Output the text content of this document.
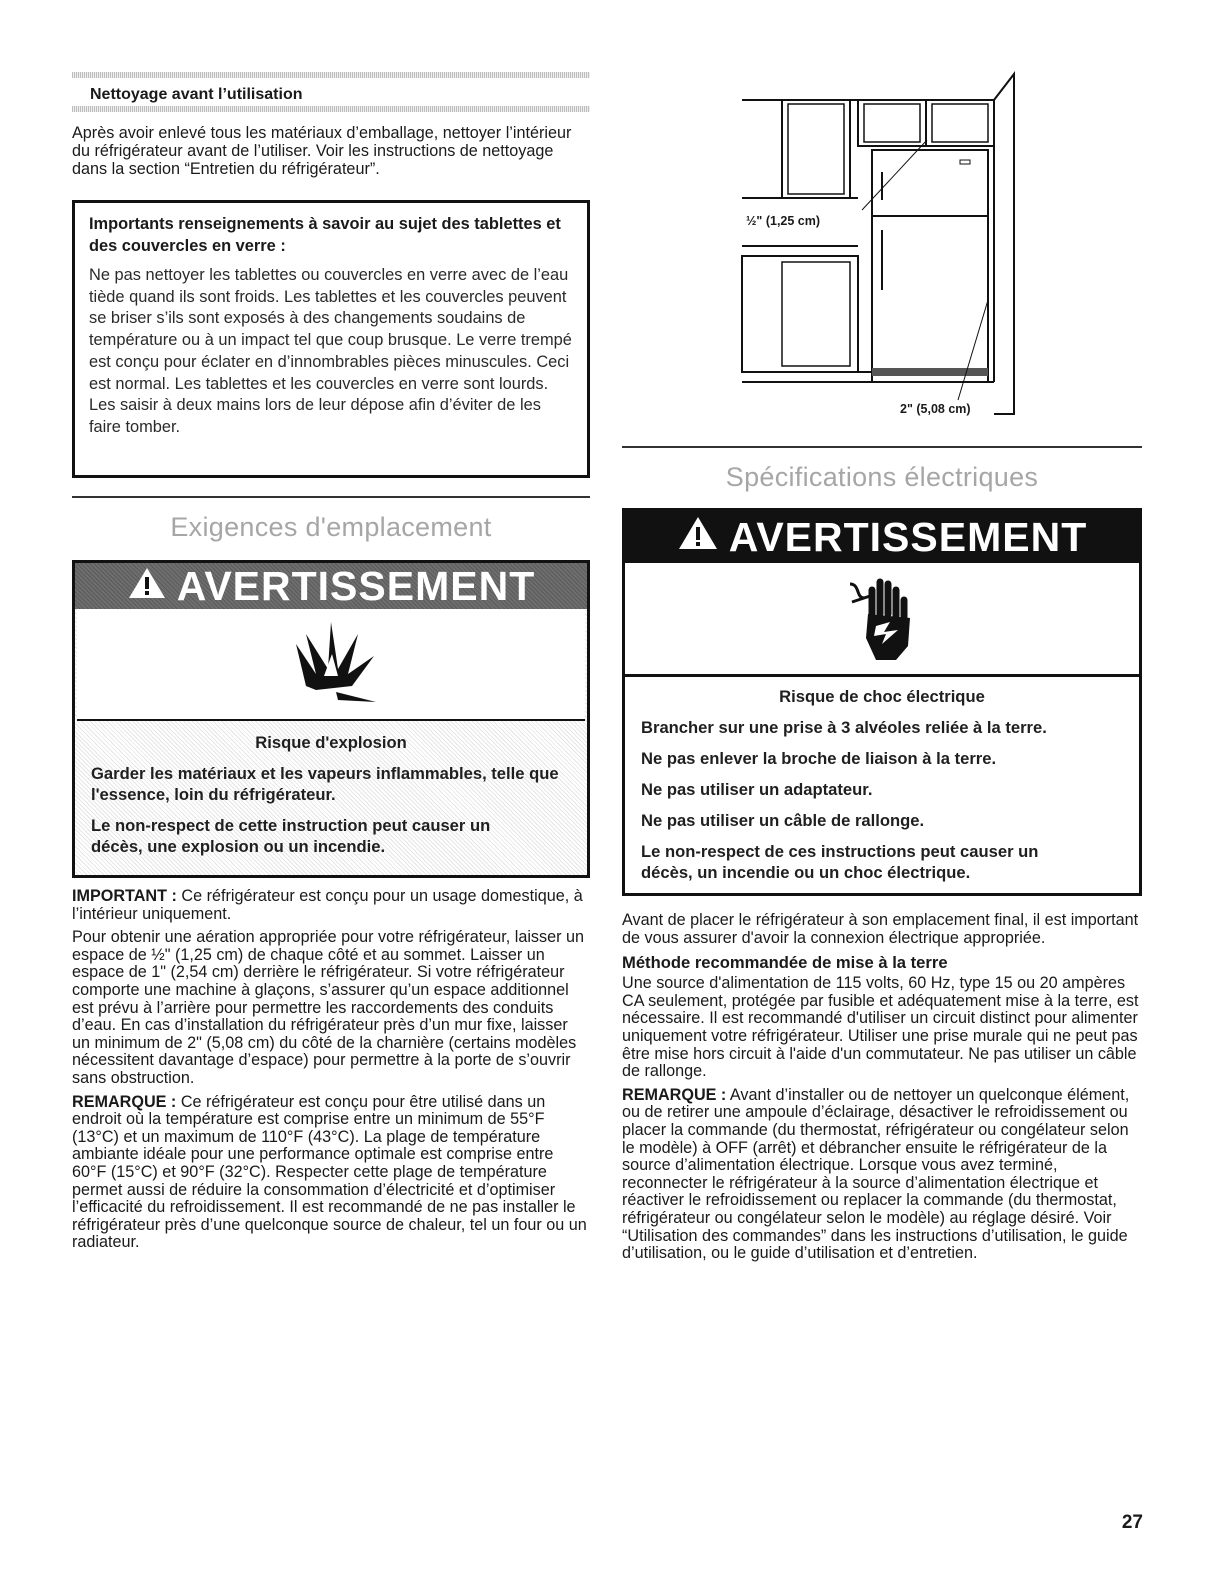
Nettoyage avant l’utilisation
Après avoir enlevé tous les matériaux d’emballage, nettoyer l’intérieur du réfrigérateur avant de l’utiliser. Voir les instructions de nettoyage dans la section “Entretien du réfrigérateur”.
Importants renseignements à savoir au sujet des tablettes et des couvercles en verre :
Ne pas nettoyer les tablettes ou couvercles en verre avec de l’eau tiède quand ils sont froids. Les tablettes et les couvercles peuvent se briser s’ils sont exposés à des changements soudains de température ou à un impact tel que coup brusque. Le verre trempé est conçu pour éclater en d’innombrables pièces minuscules. Ceci est normal. Les tablettes et les couvercles en verre sont lourds. Les saisir à deux mains lors de leur dépose afin d’éviter de les faire tomber.
Exigences d'emplacement
AVERTISSEMENT
Risque d'explosion
Garder les matériaux et les vapeurs inflammables, telle que l'essence, loin du réfrigérateur.
Le non-respect de cette instruction peut causer un décès, une explosion ou un incendie.

IMPORTANT : Ce réfrigérateur est conçu pour un usage domestique, à l’intérieur uniquement.

Pour obtenir une aération appropriée pour votre réfrigérateur, laisser un espace de ½" (1,25 cm) de chaque côté et au sommet. Laisser un espace de 1" (2,54 cm) derrière le réfrigérateur. Si votre réfrigérateur comporte une machine à glaçons, s’assurer qu’un espace additionnel est prévu à l’arrière pour permettre les raccordements des conduits d’eau. En cas d’installation du réfrigérateur près d’un mur fixe, laisser un minimum de 2" (5,08 cm) du côté de la charnière (certains modèles nécessitent davantage d’espace) pour permettre à la porte de s’ouvrir sans obstruction.

REMARQUE : Ce réfrigérateur est conçu pour être utilisé dans un endroit où la température est comprise entre un minimum de 55°F (13°C) et un maximum de 110°F (43°C). La plage de température ambiante idéale pour une performance optimale est comprise entre 60°F (15°C) et 90°F (32°C). Respecter cette plage de température permet aussi de réduire la consommation d’électricité et d’optimiser l’efficacité du refroidissement. Il est recommandé de ne pas installer le réfrigérateur près d’une quelconque source de chaleur, tel un four ou un radiateur.

½" (1,25 cm)
2" (5,08 cm)
Spécifications électriques
AVERTISSEMENT
Risque de choc électrique
Brancher sur une prise à 3 alvéoles reliée à la terre.
Ne pas enlever la broche de liaison à la terre.
Ne pas utiliser un adaptateur.
Ne pas utiliser un câble de rallonge.
Le non-respect de ces instructions peut causer un décès, un incendie ou un choc électrique.

Avant de placer le réfrigérateur à son emplacement final, il est important de vous assurer d'avoir la connexion électrique appropriée.

Méthode recommandée de mise à la terre

Une source d'alimentation de 115 volts, 60 Hz, type 15 ou 20 ampères CA seulement, protégée par fusible et adéquatement mise à la terre, est nécessaire. Il est recommandé d'utiliser un circuit distinct pour alimenter uniquement votre réfrigérateur. Utiliser une prise murale qui ne peut pas être mise hors circuit à l'aide d'un commutateur. Ne pas utiliser un câble de rallonge.

REMARQUE : Avant d’installer ou de nettoyer un quelconque élément, ou de retirer une ampoule d’éclairage, désactiver le refroidissement ou placer la commande (du thermostat, réfrigérateur ou congélateur selon le modèle) à OFF (arrêt) et débrancher ensuite le réfrigérateur de la source d’alimentation électrique. Lorsque vous avez terminé, reconnecter le réfrigérateur à la source d’alimentation électrique et réactiver le refroidissement ou replacer la commande (du thermostat, réfrigérateur ou congélateur selon le modèle) au réglage désiré. Voir “Utilisation des commandes” dans les instructions d’utilisation, le guide d’utilisation, ou le guide d’utilisation et d’entretien.

27
